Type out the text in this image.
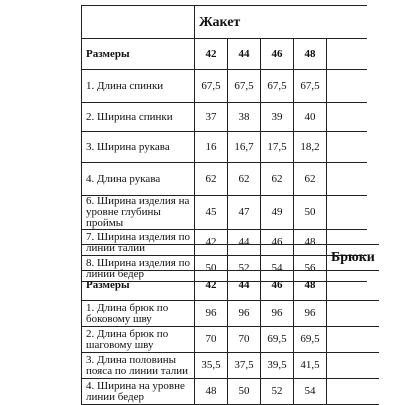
	Жакет				
Размеры	42	44	46	48	
1. Длина спинки	67,5	67,5	67,5	67,5	
2. Ширина спинки	37	38	39	40	
3. Ширина рукава	16	16,7	17,5	18,2	
4. Длина рукава	62	62	62	62	
6. Ширина изделия на уровне глубины проймы	45	47	49	50	
7. Ширина изделия по линии талии	42	44	46	48	
8. Ширина изделия по линии бедер	50	52	54	56	
					Брюки
Размеры	42	44	46	48	
1. Длина брюк по боковому шву	96	96	96	96	
2. Длина брюк по шаговому шву	70	70	69,5	69,5	
3. Длина половины пояса по линии талии	35,5	37,5	39,5	41,5	
4. Ширина на уровне линии бедер	48	50	52	54	
